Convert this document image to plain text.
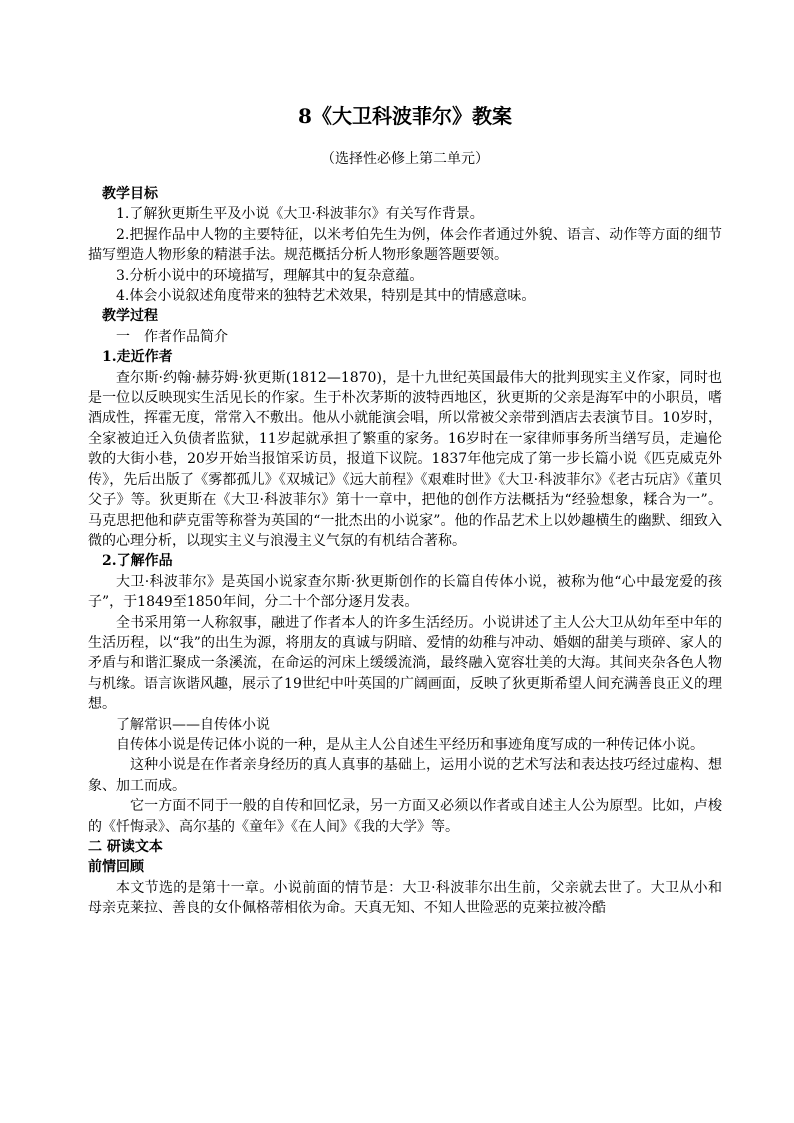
8《大卫科波菲尔》教案
（选择性必修上第二单元）

教学目标

1.了解狄更斯生平及小说《大卫·科波菲尔》有关写作背景。

2.把握作品中人物的主要特征，以米考伯先生为例，体会作者通过外貌、语言、动作等方面的细节描写塑造人物形象的精湛手法。规范概括分析人物形象题答题要领。

3.分析小说中的环境描写，理解其中的复杂意蕴。

4.体会小说叙述角度带来的独特艺术效果，特别是其中的情感意味。

教学过程

一　作者作品简介

1.走近作者

查尔斯·约翰·赫芬姆·狄更斯(1812—1870)，是十九世纪英国最伟大的批判现实主义作家，同时也是一位以反映现实生活见长的作家。生于朴次茅斯的波特西地区，狄更斯的父亲是海军中的小职员，嗜酒成性，挥霍无度，常常入不敷出。他从小就能演会唱，所以常被父亲带到酒店去表演节目。10岁时，全家被迫迁入负债者监狱，11岁起就承担了繁重的家务。16岁时在一家律师事务所当缮写员，走遍伦敦的大街小巷，20岁开始当报馆采访员，报道下议院。1837年他完成了第一步长篇小说《匹克威克外传》，先后出版了《雾都孤儿》《双城记》《远大前程》《艰难时世》《大卫·科波菲尔》《老古玩店》《董贝父子》等。狄更斯在《大卫·科波菲尔》第十一章中，把他的创作方法概括为“经验想象，糅合为一”。马克思把他和萨克雷等称誉为英国的“一批杰出的小说家”。他的作品艺术上以妙趣横生的幽默、细致入微的心理分析，以现实主义与浪漫主义气氛的有机结合著称。

2.了解作品

大卫·科波菲尔》是英国小说家查尔斯·狄更斯创作的长篇自传体小说，被称为他“心中最宠爱的孩子”，于1849至1850年间，分二十个部分逐月发表。

全书采用第一人称叙事，融进了作者本人的许多生活经历。小说讲述了主人公大卫从幼年至中年的生活历程，以“我”的出生为源，将朋友的真诚与阴暗、爱情的幼稚与冲动、婚姻的甜美与琐碎、家人的矛盾与和谐汇聚成一条溪流，在命运的河床上缓缓流淌，最终融入宽容壮美的大海。其间夹杂各色人物与机缘。语言诙谐风趣，展示了19世纪中叶英国的广阔画面，反映了狄更斯希望人间充满善良正义的理想。

了解常识——自传体小说

自传体小说是传记体小说的一种，是从主人公自述生平经历和事迹角度写成的一种传记体小说。

这种小说是在作者亲身经历的真人真事的基础上，运用小说的艺术写法和表达技巧经过虚构、想象、加工而成。

它一方面不同于一般的自传和回忆录，另一方面又必须以作者或自述主人公为原型。比如，卢梭的《忏悔录》、高尔基的《童年》《在人间》《我的大学》等。

二 研读文本

前情回顾

本文节选的是第十一章。小说前面的情节是：大卫·科波菲尔出生前，父亲就去世了。大卫从小和母亲克莱拉、善良的女仆佩格蒂相依为命。天真无知、不知人世险恶的克莱拉被冷酷
